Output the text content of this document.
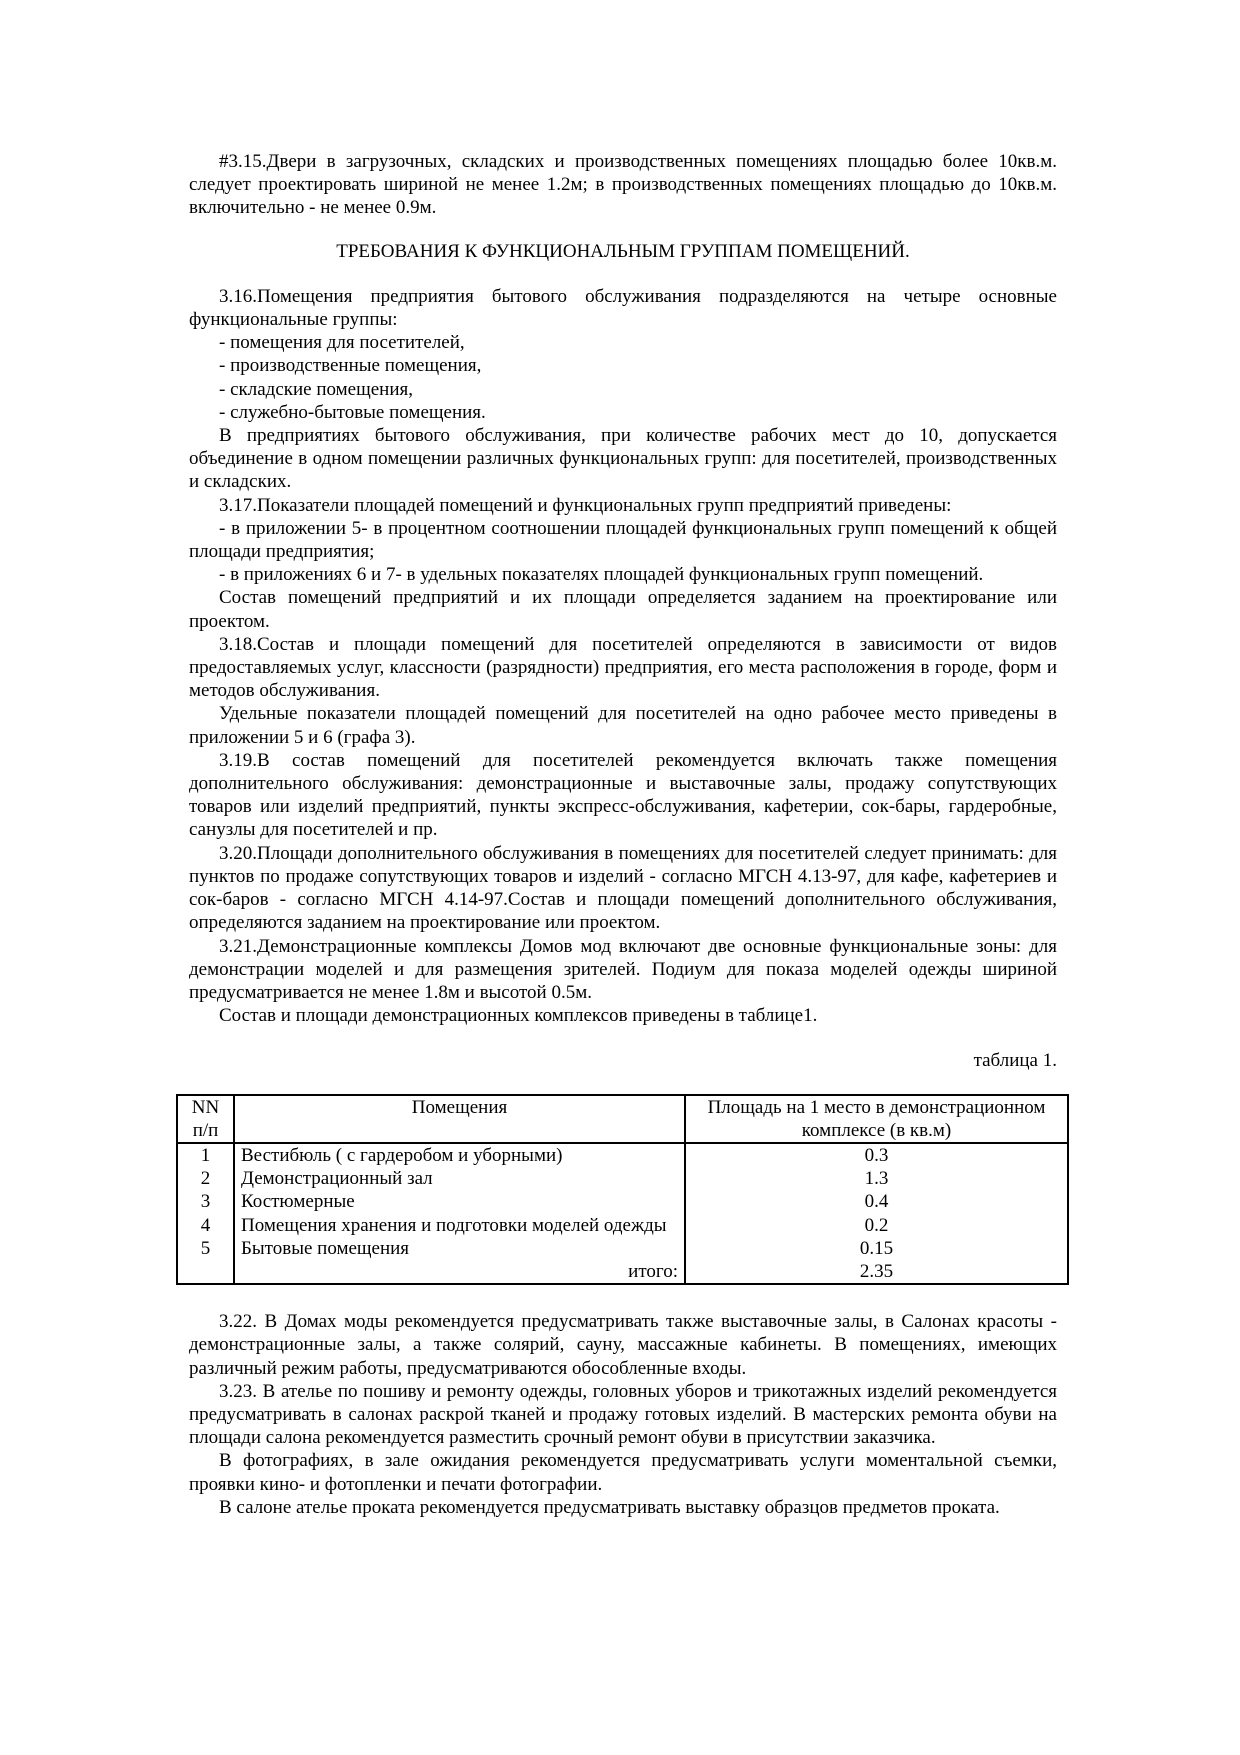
#3.15.Двери в загрузочных, складских и производственных помещениях площадью более 10кв.м. следует проектировать шириной не менее 1.2м; в производственных помещениях площадью до 10кв.м. включительно - не менее 0.9м.

ТРЕБОВАНИЯ К ФУНКЦИОНАЛЬНЫМ ГРУППАМ ПОМЕЩЕНИЙ.

3.16.Помещения предприятия бытового обслуживания подразделяются на четыре основные функциональные группы:

- помещения для посетителей,

- производственные помещения,

- складские помещения,

- служебно-бытовые помещения.

В предприятиях бытового обслуживания, при количестве рабочих мест до 10, допускается объединение в одном помещении различных функциональных групп: для посетителей, производственных и складских.

3.17.Показатели площадей помещений и функциональных групп предприятий приведены:

- в приложении 5- в процентном соотношении площадей функциональных групп помещений к общей площади предприятия;

- в приложениях 6 и 7- в удельных показателях площадей функциональных групп помещений.

Состав помещений предприятий и их площади определяется заданием на проектирование или проектом.

3.18.Состав и площади помещений для посетителей определяются в зависимости от видов предоставляемых услуг, классности (разрядности) предприятия, его места расположения в городе, форм и методов обслуживания.

Удельные показатели площадей помещений для посетителей на одно рабочее место приведены в приложении 5 и 6 (графа 3).

3.19.В состав помещений для посетителей рекомендуется включать также помещения дополнительного обслуживания: демонстрационные и выставочные залы, продажу сопутствующих товаров или изделий предприятий, пункты экспресс-обслуживания, кафетерии, сок-бары, гардеробные, санузлы для посетителей и пр.

3.20.Площади дополнительного обслуживания в помещениях для посетителей следует принимать: для пунктов по продаже сопутствующих товаров и изделий - согласно МГСН 4.13-97, для кафе, кафетериев и сок-баров - согласно МГСН 4.14-97.Состав и площади помещений дополнительного обслуживания, определяются заданием на проектирование или проектом.

3.21.Демонстрационные комплексы Домов мод включают две основные функциональные зоны: для демонстрации моделей и для размещения зрителей. Подиум для показа моделей одежды шириной предусматривается не менее 1.8м и высотой 0.5м.

Состав и площади демонстрационных комплексов приведены в таблице1.

таблица 1.

NN п/п	Помещения	Площадь на 1 место в демонстрационном комплексе (в кв.м)
1	Вестибюль ( с гардеробом и уборными)	0.3
2	Демонстрационный зал	1.3
3	Костюмерные	0.4
4	Помещения хранения и подготовки моделей одежды	0.2
5	Бытовые помещения	0.15
	итого:	2.35

3.22. В Домах моды рекомендуется предусматривать также выставочные залы, в Салонах красоты - демонстрационные залы, а также солярий, сауну, массажные кабинеты. В помещениях, имеющих различный режим работы, предусматриваются обособленные входы.

3.23. В ателье по пошиву и ремонту одежды, головных уборов и трикотажных изделий рекомендуется предусматривать в салонах раскрой тканей и продажу готовых изделий. В мастерских ремонта обуви на площади салона рекомендуется разместить срочный ремонт обуви в присутствии заказчика.

В фотографиях, в зале ожидания рекомендуется предусматривать услуги моментальной съемки, проявки кино- и фотопленки и печати фотографии.

В салоне ателье проката рекомендуется предусматривать выставку образцов предметов проката.
